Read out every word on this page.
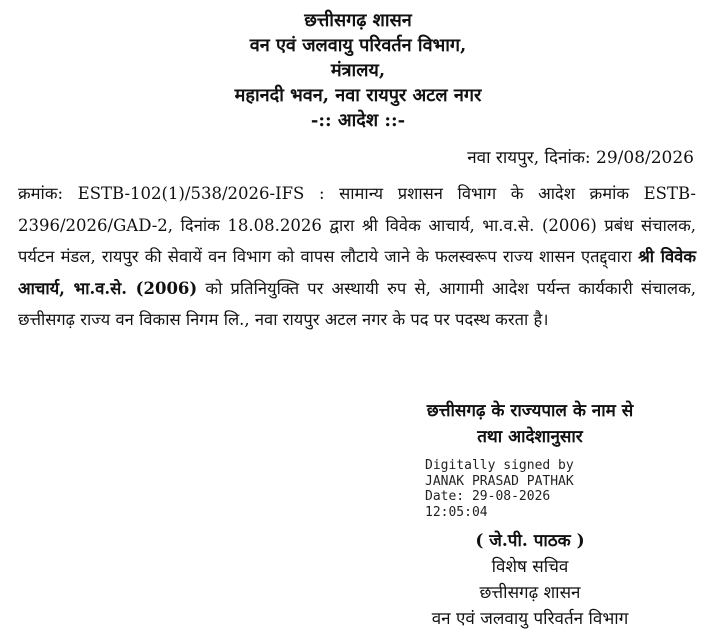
छत्तीसगढ़ शासन
वन एवं जलवायु परिवर्तन विभाग,
मंत्रालय,
महानदी भवन, नवा रायपुर अटल नगर
-:: आदेश ::-
नवा रायपुर, दिनांक: 29/08/2026
क्रमांक: ESTB-102(1)/538/2026-IFS : सामान्य प्रशासन विभाग के आदेश क्रमांक ESTB-2396/2026/GAD-2, दिनांक 18.08.2026 द्वारा श्री विवेक आचार्य, भा.व.से. (2006) प्रबंध संचालक, पर्यटन मंडल, रायपुर की सेवायें वन विभाग को वापस लौटाये जाने के फलस्वरूप राज्य शासन एतद्द्वारा श्री विवेक आचार्य, भा.व.से. (2006) को प्रतिनियुक्ति पर अस्थायी रुप से, आगामी आदेश पर्यन्त कार्यकारी संचालक, छत्तीसगढ़ राज्य वन विकास निगम लि., नवा रायपुर अटल नगर के पद पर पदस्थ करता है।
छत्तीसगढ़ के राज्यपाल के नाम से
तथा आदेशानुसार
Digitally signed by
JANAK PRASAD PATHAK
Date: 29-08-2026
12:05:04
( जे.पी. पाठक )
विशेष सचिव
छत्तीसगढ़ शासन
वन एवं जलवायु परिवर्तन विभाग
